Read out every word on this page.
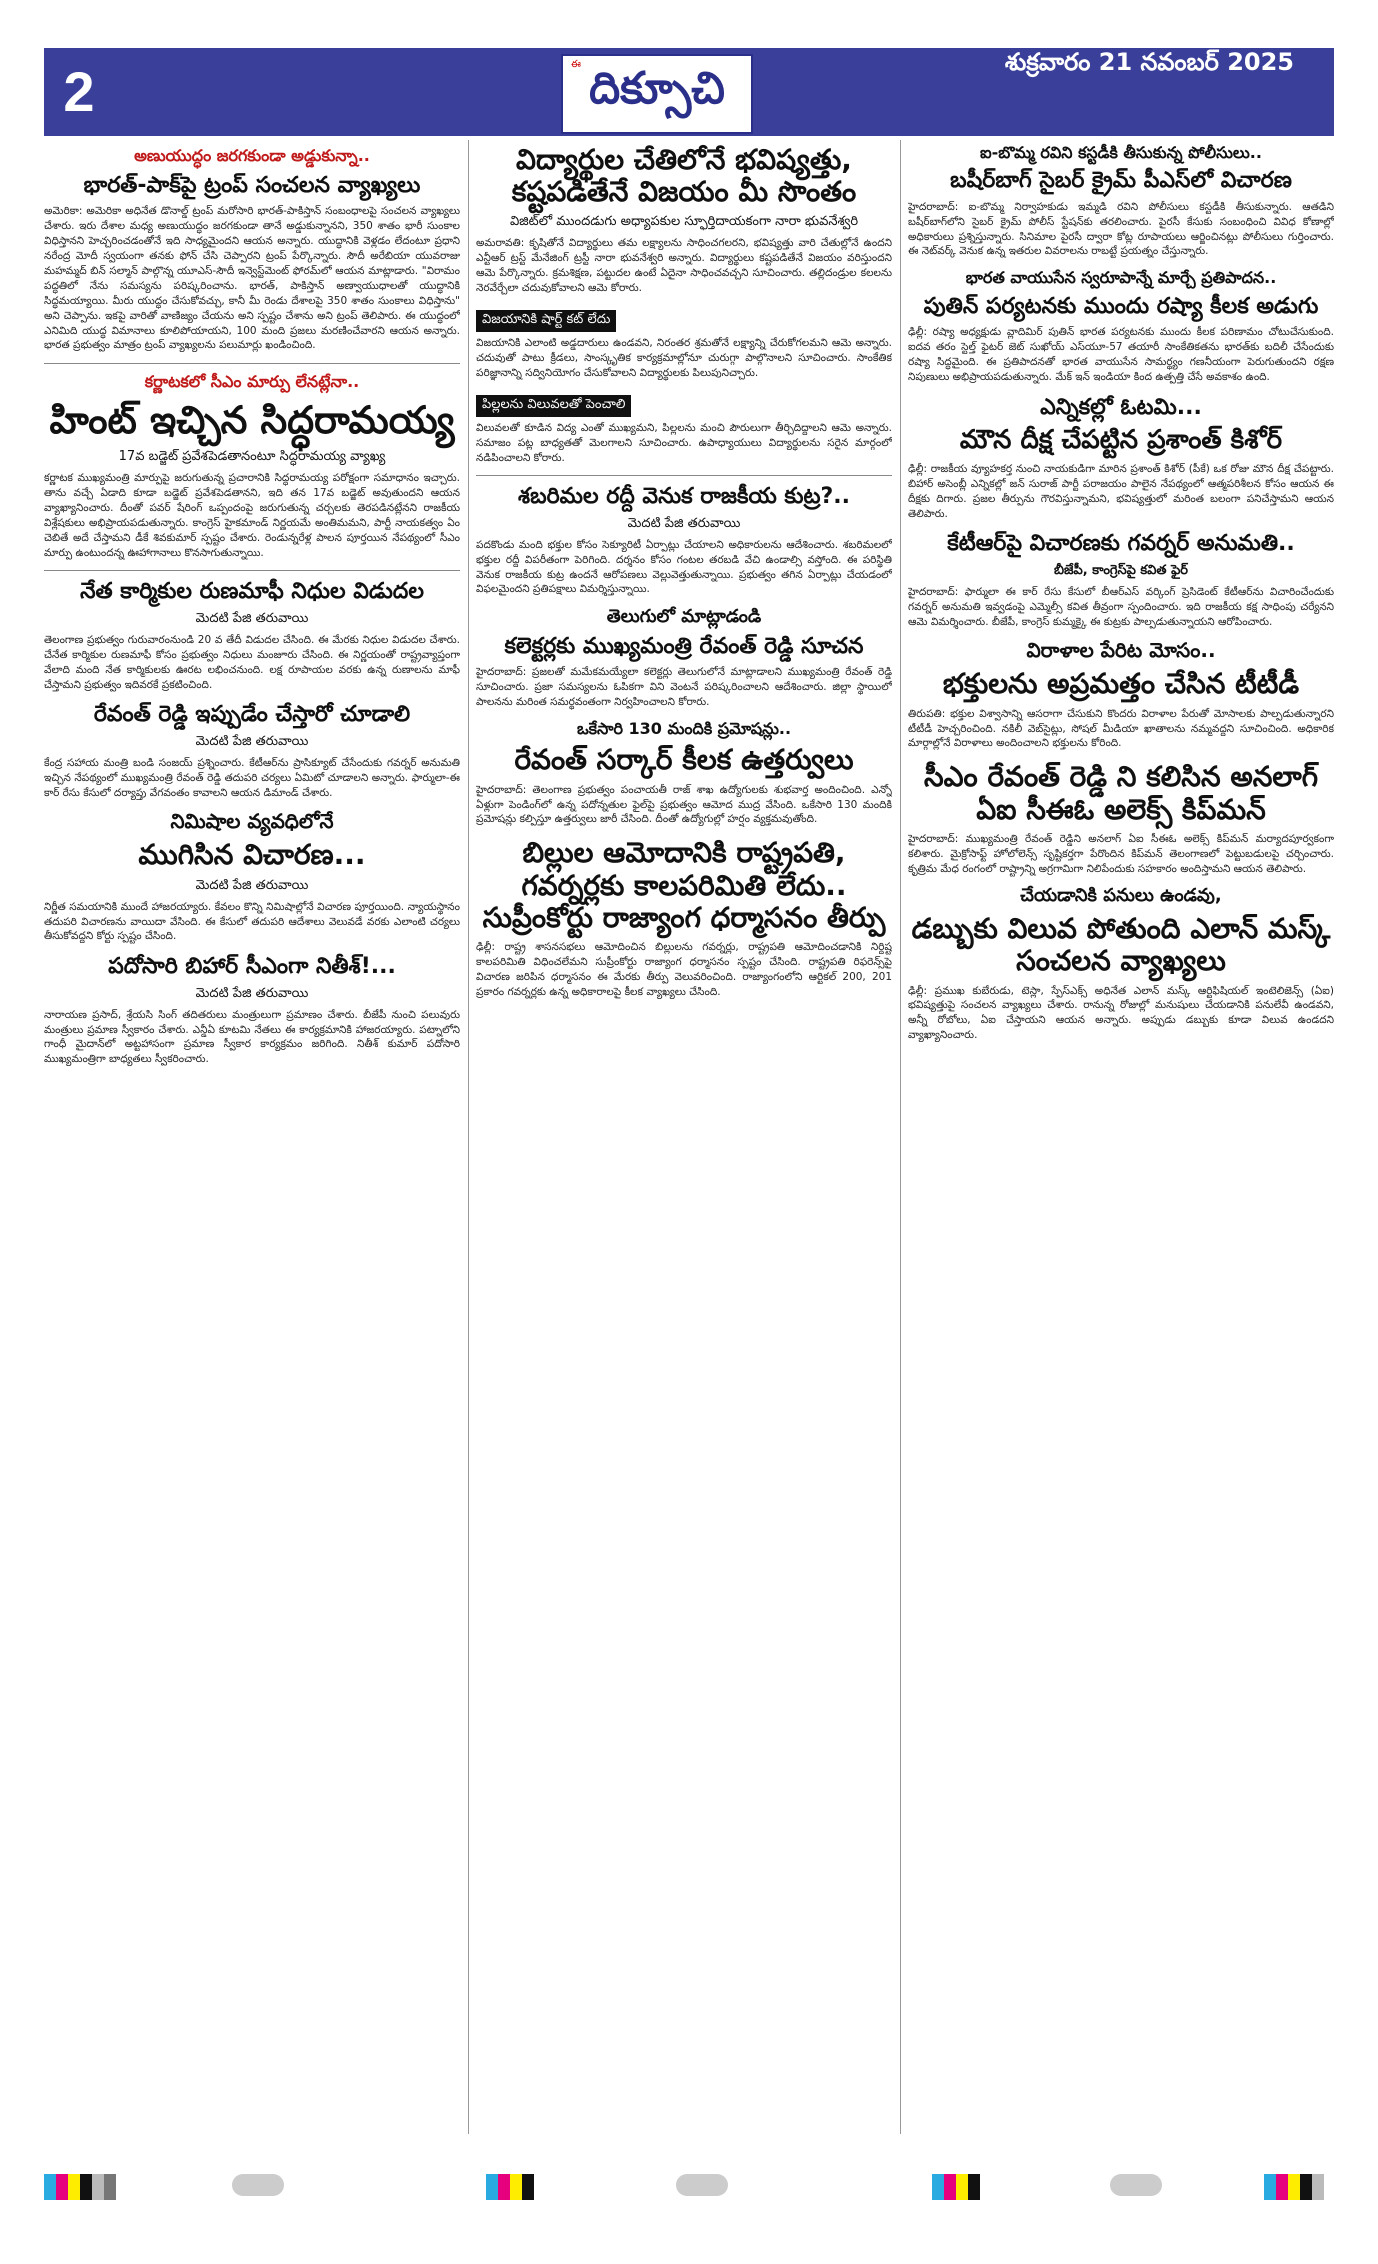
2	ఈ దిక్సూచి
శుక్రవారం 21 నవంబర్ 2025
అణుయుద్ధం జరగకుండా అడ్డుకున్నా..
భారత్-పాక్‌పై ట్రంప్ సంచలన వ్యాఖ్యలు

అమెరికా: అమెరికా అధినేత డొనాల్డ్ ట్రంప్ మరోసారి భారత్-పాకిస్తాన్ సంబంధాలపై సంచలన వ్యాఖ్యలు చేశారు. ఇరు దేశాల మధ్య అణుయుద్ధం జరగకుండా తానే అడ్డుకున్నానని, 350 శాతం భారీ సుంకాల విధిస్తానని హెచ్చరించడంతోనే ఇది సాధ్యమైందని ఆయన అన్నారు. యుద్ధానికి వెళ్లడం లేదంటూ ప్రధాని నరేంద్ర మోదీ స్వయంగా తనకు ఫోన్ చేసి చెప్పారని ట్రంప్ పేర్కొన్నారు. సౌదీ అరేబియా యువరాజు మహమ్మద్ బిన్ సల్మాన్ పాల్గొన్న యూఎస్-సౌదీ ఇన్వెస్ట్‌మెంట్ ఫోరమ్‌లో ఆయన మాట్లాడారు. "విరామం పద్ధతిలో నేను సమస్యను పరిష్కరించాను. భారత్, పాకిస్తాన్ అణ్వాయుధాలతో యుద్ధానికి సిద్ధమయ్యాయి. మీరు యుద్ధం చేసుకోవచ్చు, కానీ మీ రెండు దేశాలపై 350 శాతం సుంకాలు విధిస్తాను" అని చెప్పాను. ఇకపై వారితో వాణిజ్యం చేయను అని స్పష్టం చేశాను అని ట్రంప్ తెలిపారు. ఈ యుద్ధంలో ఎనిమిది యుద్ధ విమానాలు కూలిపోయాయని, 100 మంది ప్రజలు మరణించేవారని ఆయన అన్నారు. భారత ప్రభుత్వం మాత్రం ట్రంప్ వ్యాఖ్యలను పలుమార్లు ఖండించింది.

కర్ణాటకలో సీఎం మార్పు లేనట్లేనా..
హింట్ ఇచ్చిన సిద్ధరామయ్య
17వ బడ్జెట్ ప్రవేశపెడతానంటూ సిద్ధరామయ్య వ్యాఖ్య

కర్ణాటక ముఖ్యమంత్రి మార్పుపై జరుగుతున్న ప్రచారానికి సిద్ధరామయ్య పరోక్షంగా సమాధానం ఇచ్చారు. తాను వచ్చే ఏడాది కూడా బడ్జెట్ ప్రవేశపెడతానని, ఇది తన 17వ బడ్జెట్ అవుతుందని ఆయన వ్యాఖ్యానించారు. దీంతో పవర్ షేరింగ్ ఒప్పందంపై జరుగుతున్న చర్చలకు తెరపడినట్లేనని రాజకీయ విశ్లేషకులు అభిప్రాయపడుతున్నారు. కాంగ్రెస్ హైకమాండ్ నిర్ణయమే అంతిమమని, పార్టీ నాయకత్వం ఏం చెబితే అదే చేస్తామని డీకే శివకుమార్ స్పష్టం చేశారు. రెండున్నరేళ్ల పాలన పూర్తయిన నేపథ్యంలో సీఎం మార్పు ఉంటుందన్న ఊహాగానాలు కొనసాగుతున్నాయి.

నేత కార్మికుల రుణమాఫీ నిధుల విడుదల
మెదటి పేజి తరువాయి

తెలంగాణ ప్రభుత్వం గురువారంనుండి 20 వ తేదీ విడుదల చేసింది. ఈ మేరకు నిధుల విడుదల చేశారు. చేనేత కార్మికుల రుణమాఫీ కోసం ప్రభుత్వం నిధులు మంజూరు చేసింది. ఈ నిర్ణయంతో రాష్ట్రవ్యాప్తంగా వేలాది మంది నేత కార్మికులకు ఊరట లభించనుంది. లక్ష రూపాయల వరకు ఉన్న రుణాలను మాఫీ చేస్తామని ప్రభుత్వం ఇదివరకే ప్రకటించింది.

రేవంత్ రెడ్డి ఇప్పుడేం చేస్తారో చూడాలి
మెదటి పేజి తరువాయి

కేంద్ర సహాయ మంత్రి బండి సంజయ్ ప్రశ్నించారు. కేటీఆర్‌ను ప్రాసిక్యూట్ చేసేందుకు గవర్నర్ అనుమతి ఇచ్చిన నేపథ్యంలో ముఖ్యమంత్రి రేవంత్ రెడ్డి తదుపరి చర్యలు ఏమిటో చూడాలని అన్నారు. ఫార్ములా-ఈ కార్ రేసు కేసులో దర్యాప్తు వేగవంతం కావాలని ఆయన డిమాండ్ చేశారు.

నిమిషాల వ్యవధిలోనే
ముగిసిన విచారణ...
మెదటి పేజి తరువాయి

నిర్ణీత సమయానికి ముందే హాజరయ్యారు. కేవలం కొన్ని నిమిషాల్లోనే విచారణ పూర్తయింది. న్యాయస్థానం తదుపరి విచారణను వాయిదా వేసింది. ఈ కేసులో తదుపరి ఆదేశాలు వెలువడే వరకు ఎలాంటి చర్యలు తీసుకోవద్దని కోర్టు స్పష్టం చేసింది.

పదోసారి బిహార్ సీఎంగా నితీశ్!...
మెదటి పేజి తరువాయి

నారాయణ ప్రసాద్, శ్రేయసి సింగ్ తదితరులు మంత్రులుగా ప్రమాణం చేశారు. బీజేపీ నుంచి పలువురు మంత్రులు ప్రమాణ స్వీకారం చేశారు. ఎన్డీఏ కూటమి నేతలు ఈ కార్యక్రమానికి హాజరయ్యారు. పట్నాలోని గాంధీ మైదాన్‌లో అట్టహాసంగా ప్రమాణ స్వీకార కార్యక్రమం జరిగింది. నితీశ్ కుమార్ పదోసారి ముఖ్యమంత్రిగా బాధ్యతలు స్వీకరించారు.

విద్యార్థుల చేతిలోనే భవిష్యత్తు, కష్టపడితేనే విజయం మీ సొంతం
విజిట్‌లో ముందడుగు అధ్యాపకుల స్ఫూర్తిదాయకంగా నారా భువనేశ్వరి

అమరావతి: కృషితోనే విద్యార్థులు తమ లక్ష్యాలను సాధించగలరని, భవిష్యత్తు వారి చేతుల్లోనే ఉందని ఎన్టీఆర్ ట్రస్ట్ మేనేజింగ్ ట్రస్టీ నారా భువనేశ్వరి అన్నారు. విద్యార్థులు కష్టపడితేనే విజయం వరిస్తుందని ఆమె పేర్కొన్నారు. క్రమశిక్షణ, పట్టుదల ఉంటే ఏదైనా సాధించవచ్చని సూచించారు. తల్లిదండ్రుల కలలను నెరవేర్చేలా చదువుకోవాలని ఆమె కోరారు.

విజయానికి షార్ట్ కట్ లేదు

విజయానికి ఎలాంటి అడ్డదారులు ఉండవని, నిరంతర శ్రమతోనే లక్ష్యాన్ని చేరుకోగలమని ఆమె అన్నారు. చదువుతో పాటు క్రీడలు, సాంస్కృతిక కార్యక్రమాల్లోనూ చురుగ్గా పాల్గొనాలని సూచించారు. సాంకేతిక పరిజ్ఞానాన్ని సద్వినియోగం చేసుకోవాలని విద్యార్థులకు పిలుపునిచ్చారు.

పిల్లలను విలువలతో పెంచాలి

విలువలతో కూడిన విద్య ఎంతో ముఖ్యమని, పిల్లలను మంచి పౌరులుగా తీర్చిదిద్దాలని ఆమె అన్నారు. సమాజం పట్ల బాధ్యతతో మెలగాలని సూచించారు. ఉపాధ్యాయులు విద్యార్థులను సరైన మార్గంలో నడిపించాలని కోరారు.

శబరిమల రద్దీ వెనుక రాజకీయ కుట్ర?..
మెదటి పేజి తరువాయి

పదకొండు మంది భక్తుల కోసం సెక్యూరిటీ ఏర్పాట్లు చేయాలని అధికారులను ఆదేశించారు. శబరిమలలో భక్తుల రద్దీ విపరీతంగా పెరిగింది. దర్శనం కోసం గంటల తరబడి వేచి ఉండాల్సి వస్తోంది. ఈ పరిస్థితి వెనుక రాజకీయ కుట్ర ఉందనే ఆరోపణలు వెల్లువెత్తుతున్నాయి. ప్రభుత్వం తగిన ఏర్పాట్లు చేయడంలో విఫలమైందని ప్రతిపక్షాలు విమర్శిస్తున్నాయి.

తెలుగులో మాట్లాడండి
కలెక్టర్లకు ముఖ్యమంత్రి రేవంత్ రెడ్డి సూచన

హైదరాబాద్: ప్రజలతో మమేకమయ్యేలా కలెక్టర్లు తెలుగులోనే మాట్లాడాలని ముఖ్యమంత్రి రేవంత్ రెడ్డి సూచించారు. ప్రజా సమస్యలను ఓపికగా విని వెంటనే పరిష్కరించాలని ఆదేశించారు. జిల్లా స్థాయిలో పాలనను మరింత సమర్థవంతంగా నిర్వహించాలని కోరారు.

ఒకేసారి 130 మందికి ప్రమోషన్లు..
రేవంత్ సర్కార్ కీలక ఉత్తర్వులు

హైదరాబాద్: తెలంగాణ ప్రభుత్వం పంచాయతీ రాజ్ శాఖ ఉద్యోగులకు శుభవార్త అందించింది. ఎన్నో ఏళ్లుగా పెండింగ్‌లో ఉన్న పదోన్నతుల ఫైల్‌పై ప్రభుత్వం ఆమోద ముద్ర వేసింది. ఒకేసారి 130 మందికి ప్రమోషన్లు కల్పిస్తూ ఉత్తర్వులు జారీ చేసింది. దీంతో ఉద్యోగుల్లో హర్షం వ్యక్తమవుతోంది.

బిల్లుల ఆమోదానికి రాష్ట్రపతి, గవర్నర్లకు కాలపరిమితి లేదు.. సుప్రీంకోర్టు రాజ్యాంగ ధర్మాసనం తీర్పు

ఢిల్లీ: రాష్ట్ర శాసనసభలు ఆమోదించిన బిల్లులను గవర్నర్లు, రాష్ట్రపతి ఆమోదించడానికి నిర్దిష్ట కాలపరిమితి విధించలేమని సుప్రీంకోర్టు రాజ్యాంగ ధర్మాసనం స్పష్టం చేసింది. రాష్ట్రపతి రిఫరెన్స్‌పై విచారణ జరిపిన ధర్మాసనం ఈ మేరకు తీర్పు వెలువరించింది. రాజ్యాంగంలోని ఆర్టికల్ 200, 201 ప్రకారం గవర్నర్లకు ఉన్న అధికారాలపై కీలక వ్యాఖ్యలు చేసింది.

ఐ-బొమ్మ రవిని కస్టడీకి తీసుకున్న పోలీసులు..
బషీర్‌బాగ్ సైబర్ క్రైమ్ పీఎస్‌లో విచారణ

హైదరాబాద్: ఐ-బొమ్మ నిర్వాహకుడు ఇమ్మడి రవిని పోలీసులు కస్టడీకి తీసుకున్నారు. ఆతడిని బషీర్‌బాగ్‌లోని సైబర్ క్రైమ్ పోలీస్ స్టేషన్‌కు తరలించారు. పైరసీ కేసుకు సంబంధించి వివిధ కోణాల్లో అధికారులు ప్రశ్నిస్తున్నారు. సినిమాల పైరసీ ద్వారా కోట్ల రూపాయలు ఆర్జించినట్లు పోలీసులు గుర్తించారు. ఈ నెట్‌వర్క్ వెనుక ఉన్న ఇతరుల వివరాలను రాబట్టే ప్రయత్నం చేస్తున్నారు.

భారత వాయుసేన స్వరూపాన్నే మార్చే ప్రతిపాదన..
పుతిన్ పర్యటనకు ముందు రష్యా కీలక అడుగు

ఢిల్లీ: రష్యా అధ్యక్షుడు వ్లాదిమిర్ పుతిన్ భారత పర్యటనకు ముందు కీలక పరిణామం చోటుచేసుకుంది. ఐదవ తరం స్టెల్త్ ఫైటర్ జెట్ సుఖోయ్ ఎస్‌యూ-57 తయారీ సాంకేతికతను భారత్‌కు బదిలీ చేసేందుకు రష్యా సిద్ధమైంది. ఈ ప్రతిపాదనతో భారత వాయుసేన సామర్థ్యం గణనీయంగా పెరుగుతుందని రక్షణ నిపుణులు అభిప్రాయపడుతున్నారు. మేక్ ఇన్ ఇండియా కింద ఉత్పత్తి చేసే అవకాశం ఉంది.

ఎన్నికల్లో ఓటమి...
మౌన దీక్ష చేపట్టిన ప్రశాంత్ కిశోర్

ఢిల్లీ: రాజకీయ వ్యూహకర్త నుంచి నాయకుడిగా మారిన ప్రశాంత్ కిశోర్ (పీకే) ఒక రోజు మౌన దీక్ష చేపట్టారు. బిహార్ అసెంబ్లీ ఎన్నికల్లో జన్ సురాజ్ పార్టీ పరాజయం పాలైన నేపథ్యంలో ఆత్మపరిశీలన కోసం ఆయన ఈ దీక్షకు దిగారు. ప్రజల తీర్పును గౌరవిస్తున్నామని, భవిష్యత్తులో మరింత బలంగా పనిచేస్తామని ఆయన తెలిపారు.

కేటీఆర్‌పై విచారణకు గవర్నర్ అనుమతి..
బీజేపీ, కాంగ్రెస్‌పై కవిత ఫైర్

హైదరాబాద్: ఫార్ములా ఈ కార్ రేసు కేసులో బీఆర్ఎస్ వర్కింగ్ ప్రెసిడెంట్ కేటీఆర్‌ను విచారించేందుకు గవర్నర్ అనుమతి ఇవ్వడంపై ఎమ్మెల్సీ కవిత తీవ్రంగా స్పందించారు. ఇది రాజకీయ కక్ష సాధింపు చర్యేనని ఆమె విమర్శించారు. బీజేపీ, కాంగ్రెస్ కుమ్మక్కై ఈ కుట్రకు పాల్పడుతున్నాయని ఆరోపించారు.

విరాళాల పేరిట మోసం..
భక్తులను అప్రమత్తం చేసిన టీటీడీ

తిరుపతి: భక్తుల విశ్వాసాన్ని ఆసరాగా చేసుకుని కొందరు విరాళాల పేరుతో మోసాలకు పాల్పడుతున్నారని టీటీడీ హెచ్చరించింది. నకిలీ వెబ్‌సైట్లు, సోషల్ మీడియా ఖాతాలను నమ్మవద్దని సూచించింది. అధికారిక మార్గాల్లోనే విరాళాలు అందించాలని భక్తులను కోరింది.

సీఎం రేవంత్ రెడ్డి ని కలిసిన అనలాగ్ ఏఐ సీఈఓ అలెక్స్ కిప్‌మన్

హైదరాబాద్: ముఖ్యమంత్రి రేవంత్ రెడ్డిని అనలాగ్ ఏఐ సీఈఓ అలెక్స్ కిప్‌మన్ మర్యాదపూర్వకంగా కలిశారు. మైక్రోసాఫ్ట్ హోలోలెన్స్ సృష్టికర్తగా పేరొందిన కిప్‌మన్ తెలంగాణలో పెట్టుబడులపై చర్చించారు. కృత్రిమ మేధ రంగంలో రాష్ట్రాన్ని అగ్రగామిగా నిలిపేందుకు సహకారం అందిస్తామని ఆయన తెలిపారు.

చేయడానికి పనులు ఉండవు,
డబ్బుకు విలువ పోతుంది ఎలాన్ మస్క్ సంచలన వ్యాఖ్యలు

ఢిల్లీ: ప్రముఖ కుబేరుడు, టెస్లా, స్పేస్ఎక్స్ అధినేత ఎలాన్ మస్క్ ఆర్టిఫిషియల్ ఇంటెలిజెన్స్ (ఏఐ) భవిష్యత్తుపై సంచలన వ్యాఖ్యలు చేశారు. రానున్న రోజుల్లో మనుషులు చేయడానికి పనులేవీ ఉండవని, అన్నీ రోబోలు, ఏఐ చేస్తాయని ఆయన అన్నారు. అప్పుడు డబ్బుకు కూడా విలువ ఉండదని వ్యాఖ్యానించారు.
